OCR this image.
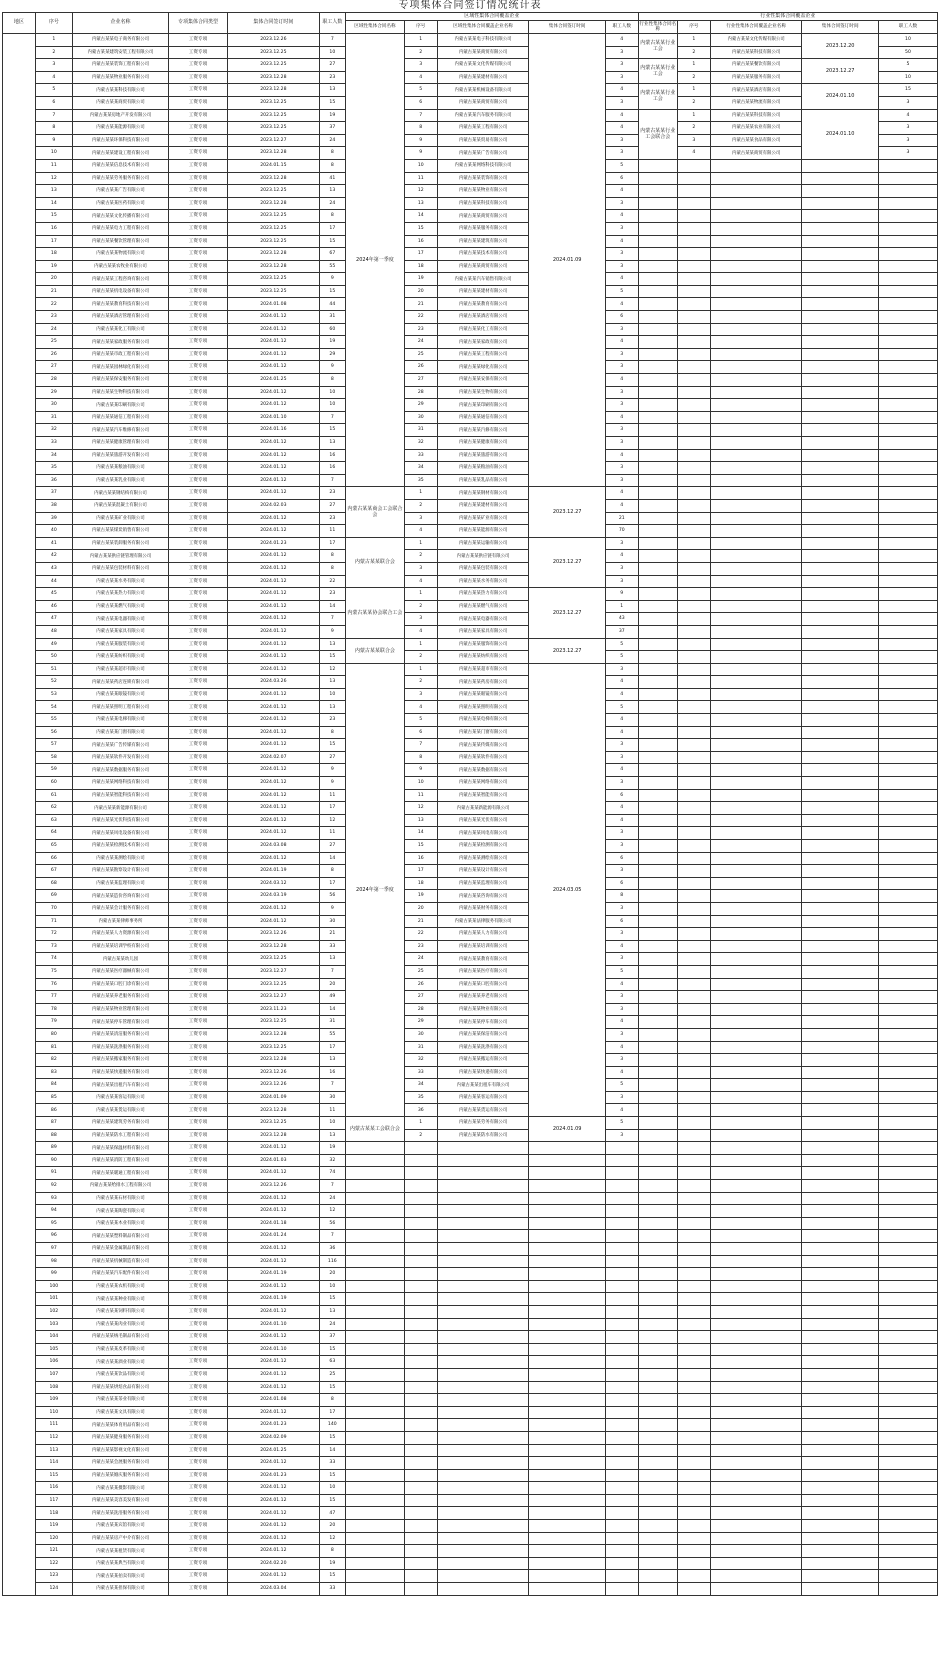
专项集体合同签订情况统计表
地区	序号	企业名称	专项集体合同类型	集体合同签订时间	职工人数	区域性集体合同覆盖企业					行业性集体合同覆盖企业				
						区域性集体合同名称	序号	区域性集体合同覆盖企业名称	集体合同签订时间	职工人数	行业性集体合同名称	序号	行业性集体合同覆盖企业名称	集体合同签订时间	职工人数
	1	内蒙古某某电子商务有限公司	工资专项	2023.12.26	7	2024年第一季度	1	内蒙古某某电子科技有限公司	2024.01.09	4	内蒙古某某行业工会	1	内蒙古某某文化传媒有限公司	2023.12.20	10
	2	内蒙古某某建筑安装工程有限公司	工资专项	2023.12.25	10		2	内蒙古某某商贸有限公司		3		2	内蒙古某某科技有限公司		50
	3	内蒙古某某装饰工程有限公司	工资专项	2023.12.25	27		3	内蒙古某某文化传媒有限公司		3	内蒙古某某行业工会	1	内蒙古某某餐饮有限公司	2023.12.27	5
	4	内蒙古某某物业服务有限公司	工资专项	2023.12.28	23		4	内蒙古某某建材有限公司		3		2	内蒙古某某服务有限公司		10
	5	内蒙古某某科技有限公司	工资专项	2023.12.28	13		5	内蒙古某某机械设备有限公司		4	内蒙古某某行业工会	1	内蒙古某某酒店有限公司	2024.01.10	15
	6	内蒙古某某商贸有限公司	工资专项	2023.12.25	15		6	内蒙古某某商贸有限公司		3		2	内蒙古某某物流有限公司		3
	7	内蒙古某某房地产开发有限公司	工资专项	2023.12.25	19		7	内蒙古某某汽车服务有限公司		4	内蒙古某某行业工会联合会	1	内蒙古某某科技有限公司	2024.01.10	4
	8	内蒙古某某能源有限公司	工资专项	2023.12.25	37		8	内蒙古某某工程有限公司		4		2	内蒙古某某农业有限公司		3
	9	内蒙古某某环保科技有限公司	工资专项	2023.12.27	24		9	内蒙古某某贸易有限公司		3		3	内蒙古某某食品有限公司		3
	10	内蒙古某某建设工程有限公司	工资专项	2023.12.28	8		9	内蒙古某某广告有限公司		3		4	内蒙古某某商贸有限公司		3
	11	内蒙古某某信息技术有限公司	工资专项	2024.01.15	8		10	内蒙古某某网络科技有限公司		5					
	12	内蒙古某某劳务服务有限公司	工资专项	2023.12.28	41		11	内蒙古某某装饰有限公司		6					
	13	内蒙古某某广告有限公司	工资专项	2023.12.25	13		12	内蒙古某某物业有限公司		4					
	14	内蒙古某某医药有限公司	工资专项	2023.12.28	24		13	内蒙古某某科技有限公司		3					
	15	内蒙古某某文化传播有限公司	工资专项	2023.12.25	8		14	内蒙古某某商贸有限公司		4					
	16	内蒙古某某电力工程有限公司	工资专项	2023.12.25	17		15	内蒙古某某服务有限公司		3					
	17	内蒙古某某餐饮管理有限公司	工资专项	2023.12.25	15		16	内蒙古某某建筑有限公司		4					
	18	内蒙古某某物流有限公司	工资专项	2023.12.28	67		17	内蒙古某某技术有限公司		3					
	19	内蒙古某某农牧业有限公司	工资专项	2023.12.28	55		18	内蒙古某某商贸有限公司		3					
	20	内蒙古某某工程咨询有限公司	工资专项	2023.12.25	9		19	内蒙古某某汽车销售有限公司		4					
	21	内蒙古某某机电设备有限公司	工资专项	2023.12.25	15		20	内蒙古某某建材有限公司		5					
	22	内蒙古某某教育科技有限公司	工资专项	2024.01.08	44		21	内蒙古某某教育有限公司		4					
	23	内蒙古某某酒店管理有限公司	工资专项	2024.01.12	31		22	内蒙古某某酒店有限公司		6					
	24	内蒙古某某化工有限公司	工资专项	2024.01.12	60		23	内蒙古某某化工有限公司		3					
	25	内蒙古某某家政服务有限公司	工资专项	2024.01.12	19		24	内蒙古某某家政有限公司		4					
	26	内蒙古某某市政工程有限公司	工资专项	2024.01.12	29		25	内蒙古某某工程有限公司		3					
	27	内蒙古某某园林绿化有限公司	工资专项	2024.01.12	9		26	内蒙古某某绿化有限公司		3					
	28	内蒙古某某保安服务有限公司	工资专项	2024.01.25	8		27	内蒙古某某安保有限公司		4					
	29	内蒙古某某生物科技有限公司	工资专项	2024.01.12	10		28	内蒙古某某生物有限公司		3					
	30	内蒙古某某印刷有限公司	工资专项	2024.01.12	10		29	内蒙古某某印刷有限公司		3					
	31	内蒙古某某通信工程有限公司	工资专项	2024.01.10	7		30	内蒙古某某通信有限公司		4					
	32	内蒙古某某汽车维修有限公司	工资专项	2024.01.16	15		31	内蒙古某某汽修有限公司		3					
	33	内蒙古某某健康管理有限公司	工资专项	2024.01.12	13		32	内蒙古某某健康有限公司		3					
	34	内蒙古某某旅游开发有限公司	工资专项	2024.01.12	16		33	内蒙古某某旅游有限公司		4					
	35	内蒙古某某粮油有限公司	工资专项	2024.01.12	16		34	内蒙古某某粮油有限公司		3					
	36	内蒙古某某乳业有限公司	工资专项	2024.01.12	7		35	内蒙古某某乳品有限公司		3					
	37	内蒙古某某钢结构有限公司	工资专项	2024.01.12	23	内蒙古某某商会工会联合会	1	内蒙古某某钢材有限公司	2023.12.27	4					
	38	内蒙古某某混凝土有限公司	工资专项	2024.02.03	27		2	内蒙古某某建材有限公司		4					
	39	内蒙古某某矿业有限公司	工资专项	2024.01.12	23		3	内蒙古某某矿业有限公司		21					
	40	内蒙古某某煤炭销售有限公司	工资专项	2024.01.12	11		4	内蒙古某某能源有限公司		70					
	41	内蒙古某某装卸服务有限公司	工资专项	2024.01.23	17	内蒙古某某联合会	1	内蒙古某某运输有限公司	2023.12.27	3					
	42	内蒙古某某供应链管理有限公司	工资专项	2024.01.12	8		2	内蒙古某某供应链有限公司		4					
	43	内蒙古某某包装材料有限公司	工资专项	2024.01.12	8		3	内蒙古某某包装有限公司		3					
	44	内蒙古某某水务有限公司	工资专项	2024.01.12	22		4	内蒙古某某水务有限公司		3					
	45	内蒙古某某热力有限公司	工资专项	2024.01.12	23	内蒙古某某协会联合工会	1	内蒙古某某热力有限公司	2023.12.27	9					
	46	内蒙古某某燃气有限公司	工资专项	2024.01.12	14		2	内蒙古某某燃气有限公司		1					
	47	内蒙古某某电器有限公司	工资专项	2024.01.12	7		3	内蒙古某某电器有限公司		43					
	48	内蒙古某某家具有限公司	工资专项	2024.01.12	9		4	内蒙古某某家具有限公司		37					
	49	内蒙古某某服装有限公司	工资专项	2024.01.12	13	内蒙古某某联合会	1	内蒙古某某服饰有限公司	2023.12.27	5					
	50	内蒙古某某纺织有限公司	工资专项	2024.01.12	15		2	内蒙古某某纺织有限公司		5					
	51	内蒙古某某超市有限公司	工资专项	2024.01.12	12	2024年第一季度	1	内蒙古某某超市有限公司	2024.03.05	3					
	52	内蒙古某某药店连锁有限公司	工资专项	2024.03.26	13		2	内蒙古某某药房有限公司		4					
	53	内蒙古某某眼镜有限公司	工资专项	2024.01.12	10		3	内蒙古某某眼镜有限公司		4					
	54	内蒙古某某照明工程有限公司	工资专项	2024.01.12	13		4	内蒙古某某照明有限公司		5					
	55	内蒙古某某电梯有限公司	工资专项	2024.01.12	23		5	内蒙古某某电梯有限公司		4					
	56	内蒙古某某门窗有限公司	工资专项	2024.01.12	8		6	内蒙古某某门窗有限公司		4					
	57	内蒙古某某广告传媒有限公司	工资专项	2024.01.12	15		7	内蒙古某某传媒有限公司		3					
	58	内蒙古某某软件开发有限公司	工资专项	2024.02.07	27		8	内蒙古某某软件有限公司		3					
	59	内蒙古某某数据服务有限公司	工资专项	2024.01.12	9		9	内蒙古某某数据有限公司		4					
	60	内蒙古某某网络科技有限公司	工资专项	2024.01.12	9		10	内蒙古某某网络有限公司		3					
	61	内蒙古某某智能科技有限公司	工资专项	2024.01.12	11		11	内蒙古某某智能有限公司		6					
	62	内蒙古某某新能源有限公司	工资专项	2024.01.12	17		12	内蒙古某某新能源有限公司		4					
	63	内蒙古某某光伏科技有限公司	工资专项	2024.01.12	12		13	内蒙古某某光伏有限公司		4					
	64	内蒙古某某风电设备有限公司	工资专项	2024.01.12	11		14	内蒙古某某风电有限公司		3					
	65	内蒙古某某检测技术有限公司	工资专项	2024.03.08	27		15	内蒙古某某检测有限公司		3					
	66	内蒙古某某测绘有限公司	工资专项	2024.01.12	14		16	内蒙古某某测绘有限公司		6					
	67	内蒙古某某勘察设计有限公司	工资专项	2024.01.19	8		17	内蒙古某某设计有限公司		3					
	68	内蒙古某某监理有限公司	工资专项	2024.03.12	17		18	内蒙古某某监理有限公司		6					
	69	内蒙古某某造价咨询有限公司	工资专项	2024.03.19	56		19	内蒙古某某咨询有限公司		8					
	70	内蒙古某某会计服务有限公司	工资专项	2024.01.12	9		20	内蒙古某某财务有限公司		3					
	71	内蒙古某某律师事务所	工资专项	2024.01.12	30		21	内蒙古某某法律服务有限公司		6					
	72	内蒙古某某人力资源有限公司	工资专项	2023.12.26	21		22	内蒙古某某人力有限公司		3					
	73	内蒙古某某培训学校有限公司	工资专项	2023.12.28	33		23	内蒙古某某培训有限公司		4					
	74	内蒙古某某幼儿园	工资专项	2023.12.25	13		24	内蒙古某某教育有限公司		3					
	75	内蒙古某某医疗器械有限公司	工资专项	2023.12.27	7		25	内蒙古某某医疗有限公司		5					
	76	内蒙古某某口腔门诊有限公司	工资专项	2023.12.25	20		26	内蒙古某某口腔有限公司		4					
	77	内蒙古某某养老服务有限公司	工资专项	2023.12.27	49		27	内蒙古某某养老有限公司		3					
	78	内蒙古某某物业管理有限公司	工资专项	2023.11.23	14		28	内蒙古某某物业有限公司		3					
	79	内蒙古某某停车管理有限公司	工资专项	2023.12.25	31		29	内蒙古某某停车有限公司		4					
	80	内蒙古某某清洁服务有限公司	工资专项	2023.12.28	55		30	内蒙古某某保洁有限公司		3					
	81	内蒙古某某洗涤服务有限公司	工资专项	2023.12.25	17		31	内蒙古某某洗涤有限公司		4					
	82	内蒙古某某搬家服务有限公司	工资专项	2023.12.28	13		32	内蒙古某某搬运有限公司		3					
	83	内蒙古某某快递服务有限公司	工资专项	2023.12.26	16		33	内蒙古某某快递有限公司		4					
	84	内蒙古某某出租汽车有限公司	工资专项	2023.12.26	7		34	内蒙古某某出租车有限公司		5					
	85	内蒙古某某客运有限公司	工资专项	2024.01.09	30		35	内蒙古某某客运有限公司		3					
	86	内蒙古某某货运有限公司	工资专项	2023.12.28	11		36	内蒙古某某货运有限公司		4					
	87	内蒙古某某建筑劳务有限公司	工资专项	2023.12.25	10	内蒙古某某工会联合会	1	内蒙古某某劳务有限公司	2024.01.09	5					
	88	内蒙古某某防水工程有限公司	工资专项	2023.12.28	13		2	内蒙古某某防水有限公司		3					
	89	内蒙古某某保温材料有限公司	工资专项	2024.01.12	19										
	90	内蒙古某某消防工程有限公司	工资专项	2024.01.03	32										
	91	内蒙古某某暖通工程有限公司	工资专项	2024.01.12	74										
	92	内蒙古某某给排水工程有限公司	工资专项	2023.12.26	7										
	93	内蒙古某某石材有限公司	工资专项	2024.01.12	24										
	94	内蒙古某某陶瓷有限公司	工资专项	2024.01.12	12										
	95	内蒙古某某木业有限公司	工资专项	2024.01.18	56										
	96	内蒙古某某塑料制品有限公司	工资专项	2024.01.24	7										
	97	内蒙古某某金属制品有限公司	工资专项	2024.01.12	36										
	98	内蒙古某某机械制造有限公司	工资专项	2024.01.12	116										
	99	内蒙古某某汽车配件有限公司	工资专项	2024.01.19	20										
	100	内蒙古某某农机有限公司	工资专项	2024.01.12	10										
	101	内蒙古某某种业有限公司	工资专项	2024.01.19	15										
	102	内蒙古某某饲料有限公司	工资专项	2024.01.12	13										
	103	内蒙古某某肉业有限公司	工资专项	2024.01.10	24										
	104	内蒙古某某绒毛制品有限公司	工资专项	2024.01.12	37										
	105	内蒙古某某皮革有限公司	工资专项	2024.01.10	15										
	106	内蒙古某某酒业有限公司	工资专项	2024.01.12	63										
	107	内蒙古某某饮品有限公司	工资专项	2024.01.12	25										
	108	内蒙古某某烘焙食品有限公司	工资专项	2024.01.12	15										
	109	内蒙古某某茶业有限公司	工资专项	2024.01.08	8										
	110	内蒙古某某文具有限公司	工资专项	2024.01.12	17										
	111	内蒙古某某体育用品有限公司	工资专项	2024.01.23	140										
	112	内蒙古某某健身服务有限公司	工资专项	2024.02.09	15										
	113	内蒙古某某影视文化有限公司	工资专项	2024.01.25	14										
	114	内蒙古某某会展服务有限公司	工资专项	2024.01.12	33										
	115	内蒙古某某婚庆服务有限公司	工资专项	2024.01.23	15										
	116	内蒙古某某摄影有限公司	工资专项	2024.01.12	10										
	117	内蒙古某某美容美发有限公司	工资专项	2024.01.12	15										
	118	内蒙古某某洗浴服务有限公司	工资专项	2024.01.12	47										
	119	内蒙古某某宾馆有限公司	工资专项	2024.01.12	20										
	120	内蒙古某某房产中介有限公司	工资专项	2024.01.12	12										
	121	内蒙古某某租赁有限公司	工资专项	2024.01.12	8										
	122	内蒙古某某典当有限公司	工资专项	2024.02.20	19										
	123	内蒙古某某拍卖有限公司	工资专项	2024.01.12	15										
	124	内蒙古某某担保有限公司	工资专项	2024.03.04	33										
